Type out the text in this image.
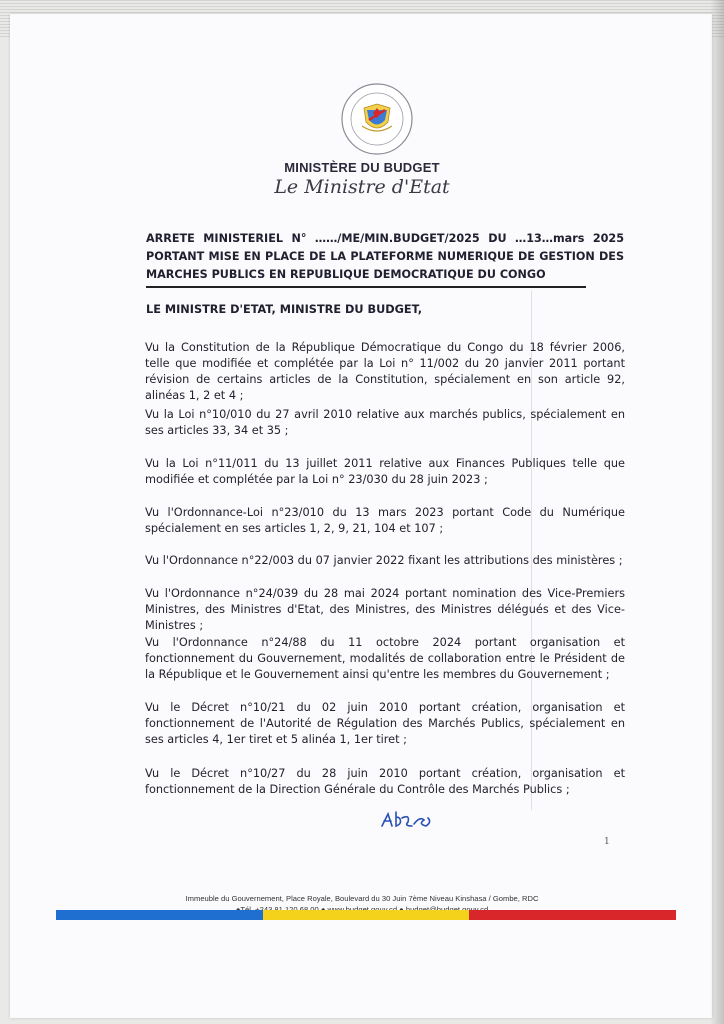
MINISTÈRE DU BUDGET
Le Ministre d'Etat
ARRETE MINISTERIEL N° ……/ME/MIN.BUDGET/2025 DU …13…mars 2025
PORTANT MISE EN PLACE DE LA PLATEFORME NUMERIQUE DE GESTION DES
MARCHES PUBLICS EN REPUBLIQUE DEMOCRATIQUE DU CONGO
LE MINISTRE D'ETAT, MINISTRE DU BUDGET,
Vu la Constitution de la République Démocratique du Congo du 18 février 2006, telle que modifiée et complétée par la Loi n° 11/002 du 20 janvier 2011 portant révision de certains articles de la Constitution, spécialement en son article 92, alinéas 1, 2 et 4 ;
Vu la Loi n°10/010 du 27 avril 2010 relative aux marchés publics, spécialement en ses articles 33, 34 et 35 ;
Vu la Loi n°11/011 du 13 juillet 2011 relative aux Finances Publiques telle que modifiée et complétée par la Loi n° 23/030 du 28 juin 2023 ;
Vu l'Ordonnance-Loi n°23/010 du 13 mars 2023 portant Code du Numérique spécialement en ses articles 1, 2, 9, 21, 104 et 107 ;
Vu l'Ordonnance n°22/003 du 07 janvier 2022 fixant les attributions des ministères ;
Vu l'Ordonnance n°24/039 du 28 mai 2024 portant nomination des Vice-Premiers Ministres, des Ministres d'Etat, des Ministres, des Ministres délégués et des Vice-Ministres ;
Vu l'Ordonnance n°24/88 du 11 octobre 2024 portant organisation et fonctionnement du Gouvernement, modalités de collaboration entre le Président de la République et le Gouvernement ainsi qu'entre les membres du Gouvernement ;
Vu le Décret n°10/21 du 02 juin 2010 portant création, organisation et fonctionnement de l'Autorité de Régulation des Marchés Publics, spécialement en ses articles 4, 1er tiret et 5 alinéa 1, 1er tiret ;
Vu le Décret n°10/27 du 28 juin 2010 portant création, organisation et fonctionnement de la Direction Générale du Contrôle des Marchés Publics ;
1
Immeuble du Gouvernement, Place Royale, Boulevard du 30 Juin 7ème Niveau Kinshasa / Gombe, RDC
